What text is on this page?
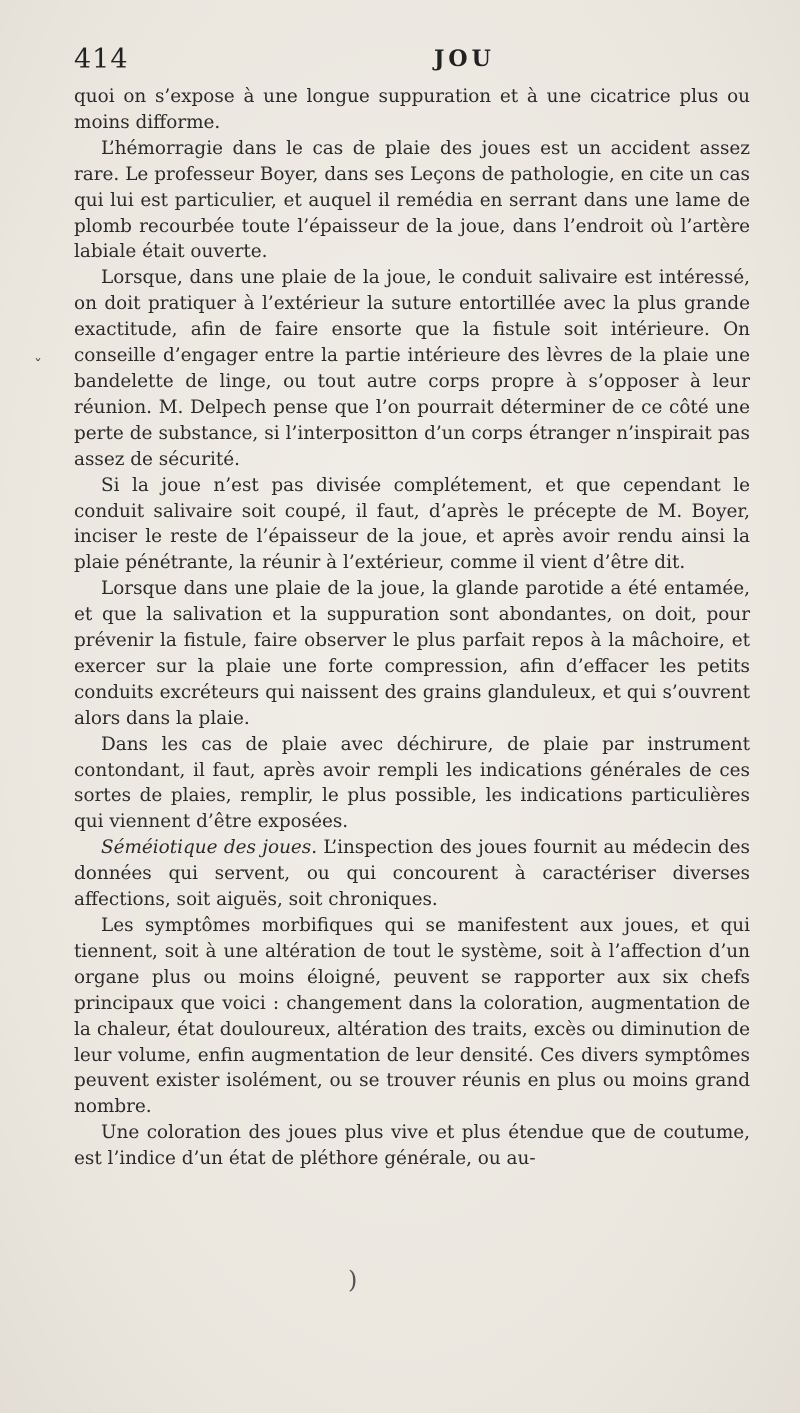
414	JOU
ˇ

quoi on s’expose à une longue suppuration et à une cicatrice plus ou moins difforme.

L’hémorragie dans le cas de plaie des joues est un accident assez rare. Le professeur Boyer, dans ses Leçons de pathologie, en cite un cas qui lui est particulier, et auquel il remédia en serrant dans une lame de plomb recourbée toute l’épaisseur de la joue, dans l’endroit où l’artère labiale était ouverte.

Lorsque, dans une plaie de la joue, le conduit salivaire est intéressé, on doit pratiquer à l’extérieur la suture entortillée avec la plus grande exactitude, afin de faire ensorte que la fistule soit intérieure. On conseille d’engager entre la partie intérieure des lèvres de la plaie une bandelette de linge, ou tout autre corps propre à s’opposer à leur réunion. M. Delpech pense que l’on pourrait déterminer de ce côté une perte de substance, si l’interpositton d’un corps étranger n’inspirait pas assez de sécurité.

Si la joue n’est pas divisée complétement, et que cependant le conduit salivaire soit coupé, il faut, d’après le précepte de M. Boyer, inciser le reste de l’épaisseur de la joue, et après avoir rendu ainsi la plaie pénétrante, la réunir à l’extérieur, comme il vient d’être dit.

Lorsque dans une plaie de la joue, la glande parotide a été entamée, et que la salivation et la suppuration sont abondantes, on doit, pour prévenir la fistule, faire observer le plus parfait repos à la mâchoire, et exercer sur la plaie une forte compression, afin d’effacer les petits conduits excréteurs qui naissent des grains glanduleux, et qui s’ouvrent alors dans la plaie.

Dans les cas de plaie avec déchirure, de plaie par instrument contondant, il faut, après avoir rempli les indications générales de ces sortes de plaies, remplir, le plus possible, les indications particulières qui viennent d’être exposées.

Séméiotique des joues. L’inspection des joues fournit au médecin des données qui servent, ou qui concourent à caractériser diverses affections, soit aiguës, soit chroniques.

Les symptômes morbifiques qui se manifestent aux joues, et qui tiennent, soit à une altération de tout le système, soit à l’affection d’un organe plus ou moins éloigné, peuvent se rapporter aux six chefs principaux que voici : changement dans la coloration, augmentation de la chaleur, état douloureux, altération des traits, excès ou diminution de leur volume, enfin augmentation de leur densité. Ces divers symptômes peuvent exister isolément, ou se trouver réunis en plus ou moins grand nombre.

Une coloration des joues plus vive et plus étendue que de coutume, est l’indice d’un état de pléthore générale, ou au-

)
